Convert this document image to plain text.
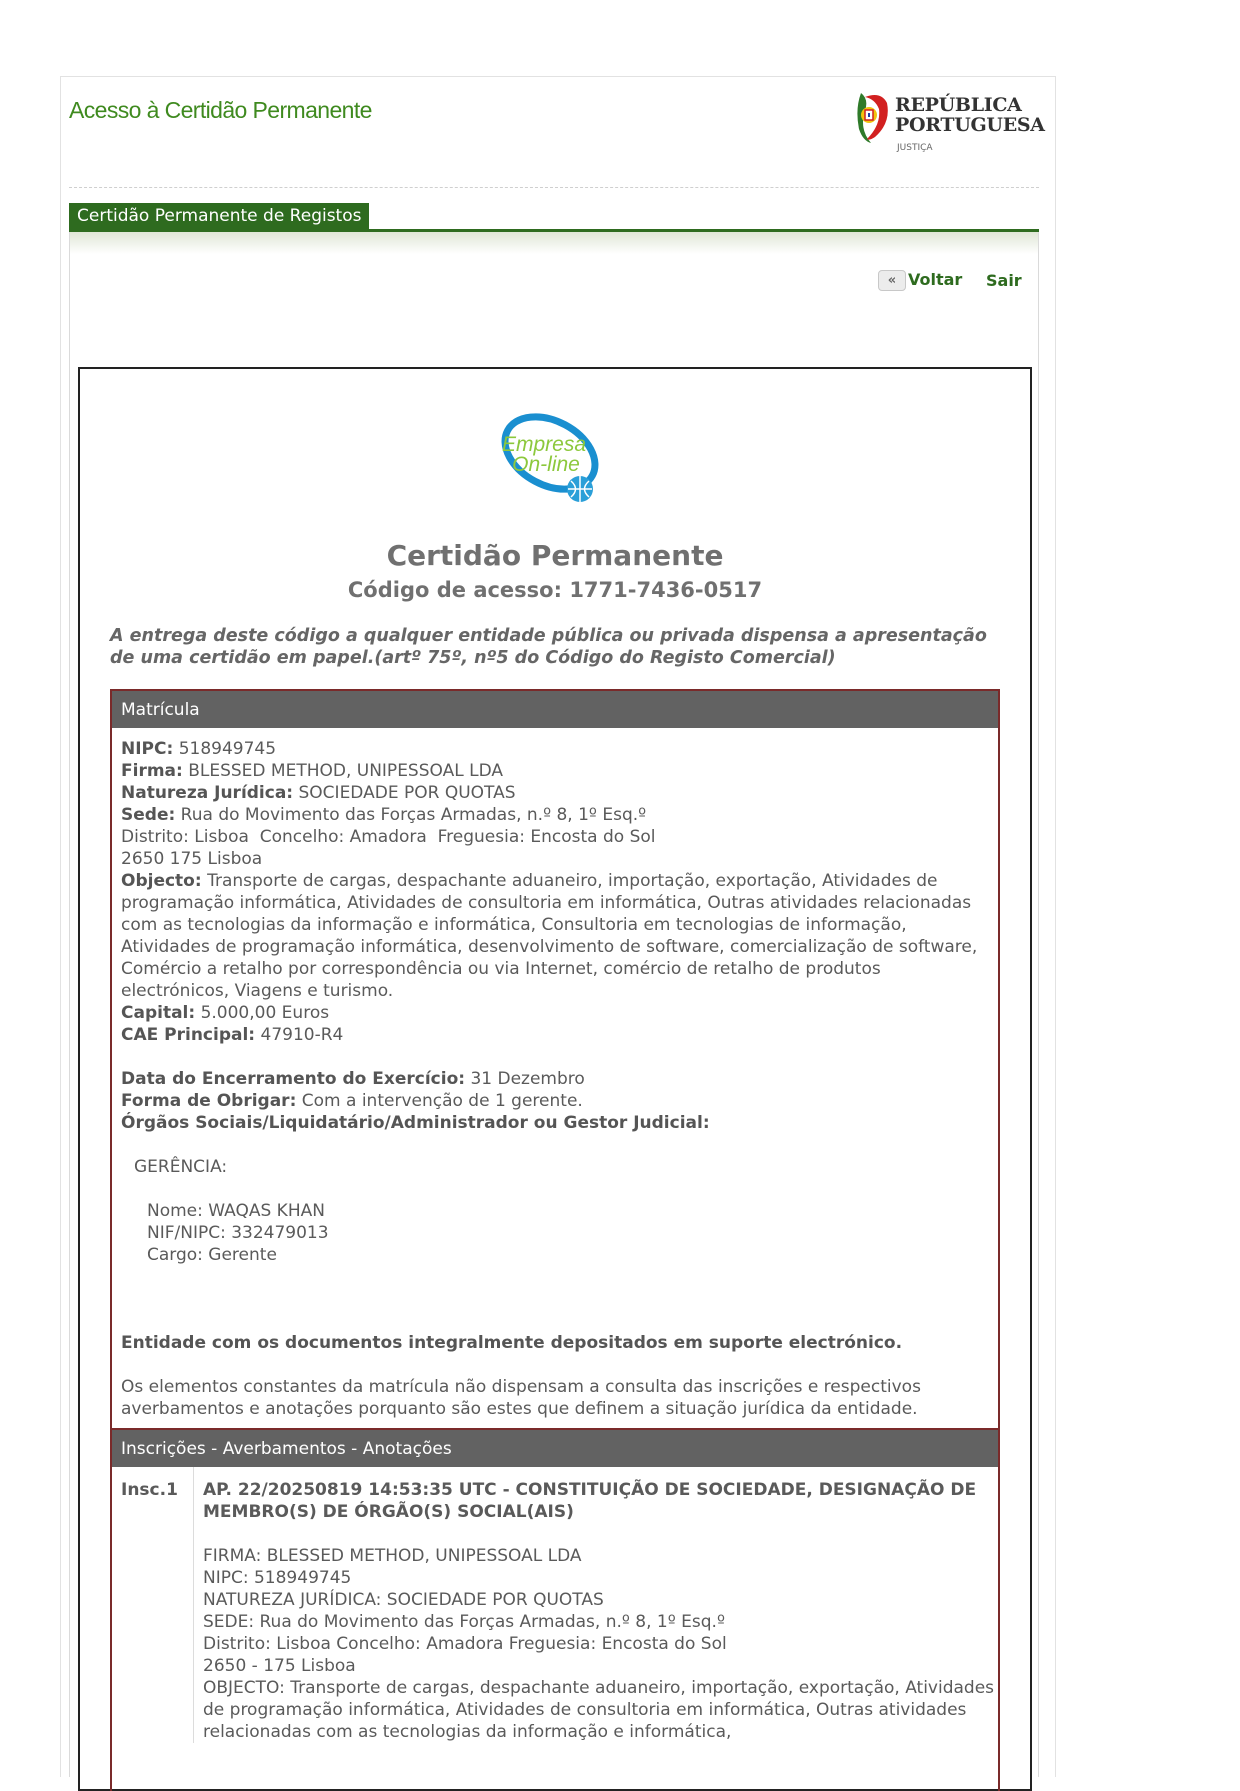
Acesso à Certidão Permanente	REPÚBLICA
PORTUGUESA
JUSTIÇA
Certidão Permanente de Registos
« Voltar Sair
Empresa
On-line
Certidão Permanente
Código de acesso: 1771-7436-0517
A entrega deste código a qualquer entidade pública ou privada dispensa a apresentação de uma certidão em papel.(artº 75º, nº5 do Código do Registo Comercial)
Matrícula
NIPC: 518949745
Firma: BLESSED METHOD, UNIPESSOAL LDA
Natureza Jurídica: SOCIEDADE POR QUOTAS
Sede: Rua do Movimento das Forças Armadas, n.º 8, 1º Esq.º
Distrito: Lisboa  Concelho: Amadora  Freguesia: Encosta do Sol
2650 175 Lisboa
Objecto: Transporte de cargas, despachante aduaneiro, importação, exportação, Atividades de programação informática, Atividades de consultoria em informática, Outras atividades relacionadas com as tecnologias da informação e informática, Consultoria em tecnologias de informação, Atividades de programação informática, desenvolvimento de software, comercialização de software, Comércio a retalho por correspondência ou via Internet, comércio de retalho de produtos electrónicos, Viagens e turismo.
Capital: 5.000,00 Euros
CAE Principal: 47910-R4
Data do Encerramento do Exercício: 31 Dezembro
Forma de Obrigar: Com a intervenção de 1 gerente.
Órgãos Sociais/Liquidatário/Administrador ou Gestor Judicial:
GERÊNCIA:
Nome: WAQAS KHAN
NIF/NIPC: 332479013
Cargo: Gerente
Entidade com os documentos integralmente depositados em suporte electrónico.
Os elementos constantes da matrícula não dispensam a consulta das inscrições e respectivos averbamentos e anotações porquanto são estes que definem a situação jurídica da entidade.
Inscrições - Averbamentos - Anotações
Insc.1	AP. 22/20250819 14:53:35 UTC - CONSTITUIÇÃO DE SOCIEDADE, DESIGNAÇÃO DE MEMBRO(S) DE ÓRGÃO(S) SOCIAL(AIS)
FIRMA: BLESSED METHOD, UNIPESSOAL LDA
NIPC: 518949745
NATUREZA JURÍDICA: SOCIEDADE POR QUOTAS
SEDE: Rua do Movimento das Forças Armadas, n.º 8, 1º Esq.º
Distrito: Lisboa Concelho: Amadora Freguesia: Encosta do Sol
2650 - 175 Lisboa
OBJECTO: Transporte de cargas, despachante aduaneiro, importação, exportação, Atividades de programação informática, Atividades de consultoria em informática, Outras atividades relacionadas com as tecnologias da informação e informática,
